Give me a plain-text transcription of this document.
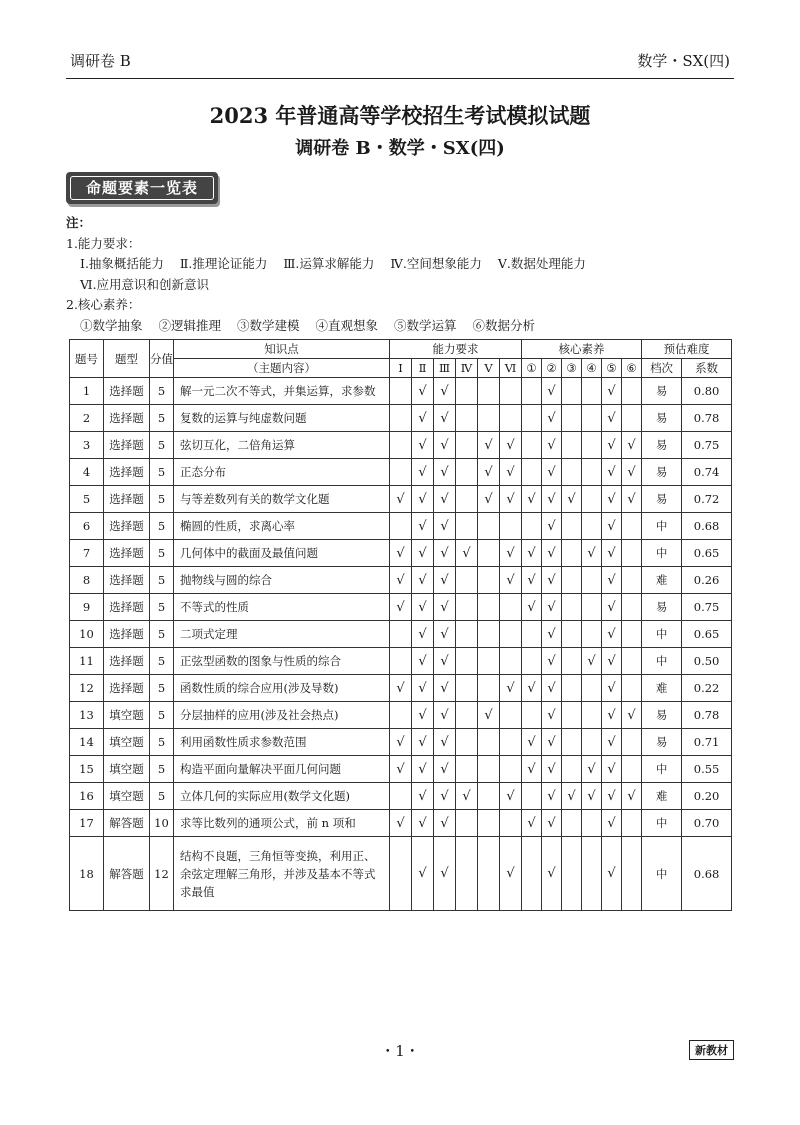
调研卷 B	数学・SX(四)
2023 年普通高等学校招生考试模拟试题
调研卷 B・数学・SX(四)
命题要素一览表
注：
1.能力要求：
Ⅰ.抽象概括能力 Ⅱ.推理论证能力 Ⅲ.运算求解能力 Ⅳ.空间想象能力 Ⅴ.数据处理能力
Ⅵ.应用意识和创新意识
2.核心素养：
①数学抽象 ②逻辑推理 ③数学建模 ④直观想象 ⑤数学运算 ⑥数据分析
题号	题型	分值	知识点	能力要求						核心素养						预估难度	
			（主题内容）	Ⅰ	Ⅱ	Ⅲ	Ⅳ	Ⅴ	Ⅵ	①	②	③	④	⑤	⑥	档次	系数
1	选择题	5	解一元二次不等式，并集运算，求参数		√	√					√			√		易	0.80
2	选择题	5	复数的运算与纯虚数问题		√	√					√			√		易	0.78
3	选择题	5	弦切互化，二倍角运算		√	√		√	√		√			√	√	易	0.75
4	选择题	5	正态分布		√	√		√	√		√			√	√	易	0.74
5	选择题	5	与等差数列有关的数学文化题	√	√	√		√	√	√	√	√		√	√	易	0.72
6	选择题	5	椭圆的性质，求离心率		√	√					√			√		中	0.68
7	选择题	5	几何体中的截面及最值问题	√	√	√	√		√	√	√		√	√		中	0.65
8	选择题	5	抛物线与圆的综合	√	√	√			√	√	√			√		难	0.26
9	选择题	5	不等式的性质	√	√	√				√	√			√		易	0.75
10	选择题	5	二项式定理		√	√					√			√		中	0.65
11	选择题	5	正弦型函数的图象与性质的综合		√	√					√		√	√		中	0.50
12	选择题	5	函数性质的综合应用(涉及导数)	√	√	√			√	√	√			√		难	0.22
13	填空题	5	分层抽样的应用(涉及社会热点)		√	√		√			√			√	√	易	0.78
14	填空题	5	利用函数性质求参数范围	√	√	√				√	√			√		易	0.71
15	填空题	5	构造平面向量解决平面几何问题	√	√	√				√	√		√	√		中	0.55
16	填空题	5	立体几何的实际应用(数学文化题)		√	√	√		√		√	√	√	√	√	难	0.20
17	解答题	10	求等比数列的通项公式，前 n 项和	√	√	√				√	√			√		中	0.70
18	解答题	12	结构不良题，三角恒等变换，利用正、余弦定理解三角形，并涉及基本不等式求最值		√	√			√		√			√		中	0.68
・1・	新教材
